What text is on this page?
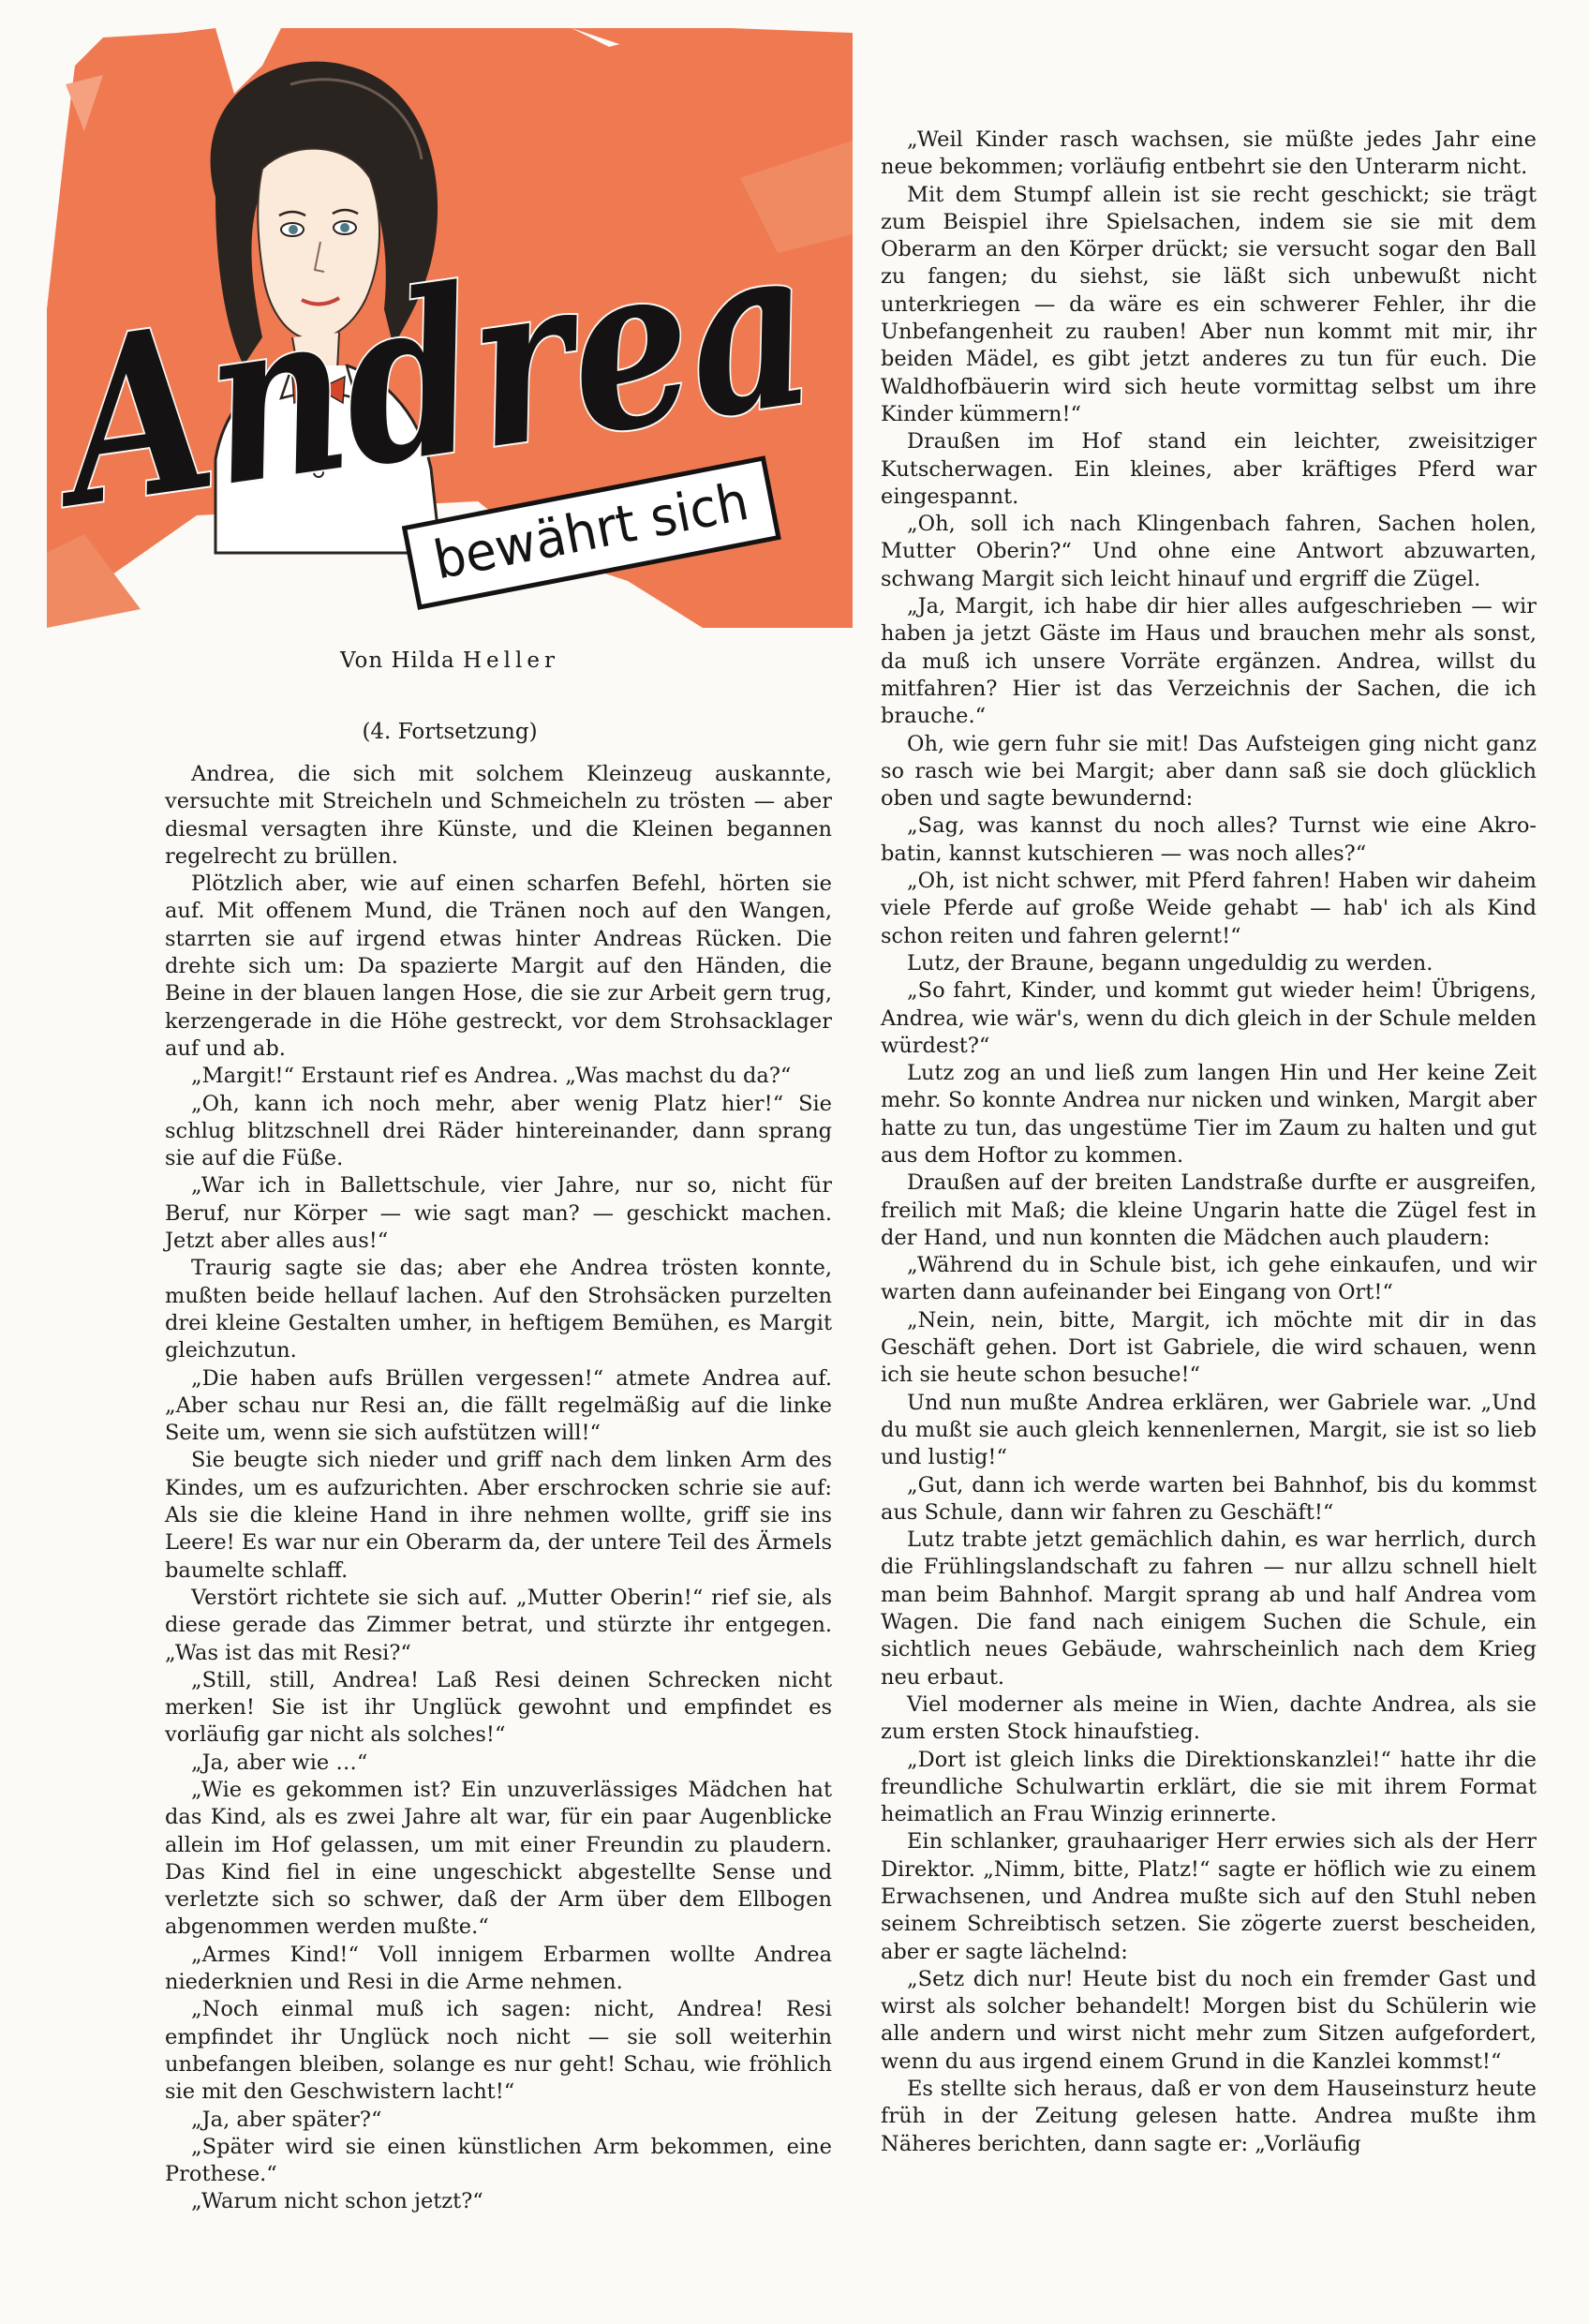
Andrea
bewährt sich
Von Hilda Heller
(4. Fortsetzung)

Andrea, die sich mit solchem Kleinzeug auskannte, versuchte mit Streicheln und Schmeicheln zu trösten — aber diesmal versagten ihre Künste, und die Kleinen begannen regelrecht zu brüllen.

Plötzlich aber, wie auf einen scharfen Befehl, hörten sie auf. Mit offenem Mund, die Tränen noch auf den Wangen, starrten sie auf irgend etwas hinter Andreas Rücken. Die drehte sich um: Da spazierte Margit auf den Händen, die Beine in der blauen langen Hose, die sie zur Arbeit gern trug, kerzengerade in die Höhe gestreckt, vor dem Strohsacklager auf und ab.

„Margit!“ Erstaunt rief es Andrea. „Was machst du da?“

„Oh, kann ich noch mehr, aber wenig Platz hier!“ Sie schlug blitzschnell drei Räder hintereinander, dann sprang sie auf die Füße.

„War ich in Ballettschule, vier Jahre, nur so, nicht für Beruf, nur Körper — wie sagt man? — geschickt machen. Jetzt aber alles aus!“

Traurig sagte sie das; aber ehe Andrea trösten konnte, mußten beide hellauf lachen. Auf den Strohsäcken purzelten drei kleine Gestalten umher, in heftigem Bemühen, es Margit gleichzutun.

„Die haben aufs Brüllen vergessen!“ atmete Andrea auf. „Aber schau nur Resi an, die fällt regelmäßig auf die linke Seite um, wenn sie sich aufstützen will!“

Sie beugte sich nieder und griff nach dem linken Arm des Kindes, um es aufzurichten. Aber erschrocken schrie sie auf: Als sie die kleine Hand in ihre nehmen wollte, griff sie ins Leere! Es war nur ein Oberarm da, der untere Teil des Ärmels baumelte schlaff.

Verstört richtete sie sich auf. „Mutter Oberin!“ rief sie, als diese gerade das Zimmer betrat, und stürzte ihr entgegen. „Was ist das mit Resi?“

„Still, still, Andrea! Laß Resi deinen Schrecken nicht merken! Sie ist ihr Unglück gewohnt und empfindet es vorläufig gar nicht als solches!“

„Ja, aber wie …“

„Wie es gekommen ist? Ein unzuverlässiges Mädchen hat das Kind, als es zwei Jahre alt war, für ein paar Augenblicke allein im Hof gelassen, um mit einer Freundin zu plaudern. Das Kind fiel in eine ungeschickt abgestellte Sense und verletzte sich so schwer, daß der Arm über dem Ellbogen abgenommen werden mußte.“

„Armes Kind!“ Voll innigem Erbarmen wollte Andrea niederknien und Resi in die Arme nehmen.

„Noch einmal muß ich sagen: nicht, Andrea! Resi empfindet ihr Unglück noch nicht — sie soll weiterhin unbefangen bleiben, solange es nur geht! Schau, wie fröhlich sie mit den Geschwistern lacht!“

„Ja, aber später?“

„Später wird sie einen künstlichen Arm bekommen, eine Prothese.“

„Warum nicht schon jetzt?“

„Weil Kinder rasch wachsen, sie müßte jedes Jahr eine neue bekommen; vorläufig entbehrt sie den Unterarm nicht.

Mit dem Stumpf allein ist sie recht geschickt; sie trägt zum Beispiel ihre Spielsachen, indem sie sie mit dem Oberarm an den Körper drückt; sie versucht sogar den Ball zu fangen; du siehst, sie läßt sich unbewußt nicht unterkriegen — da wäre es ein schwerer Fehler, ihr die Unbefangenheit zu rauben! Aber nun kommt mit mir, ihr beiden Mädel, es gibt jetzt anderes zu tun für euch. Die Waldhofbäuerin wird sich heute vormittag selbst um ihre Kinder kümmern!“

Draußen im Hof stand ein leichter, zweisitziger Kutscherwagen. Ein kleines, aber kräftiges Pferd war eingespannt.

„Oh, soll ich nach Klingenbach fahren, Sachen holen, Mutter Oberin?“ Und ohne eine Antwort abzuwarten, schwang Margit sich leicht hinauf und ergriff die Zügel.

„Ja, Margit, ich habe dir hier alles aufgeschrieben — wir haben ja jetzt Gäste im Haus und brauchen mehr als sonst, da muß ich unsere Vorräte ergänzen. Andrea, willst du mitfahren? Hier ist das Verzeichnis der Sachen, die ich brauche.“

Oh, wie gern fuhr sie mit! Das Aufsteigen ging nicht ganz so rasch wie bei Margit; aber dann saß sie doch glücklich oben und sagte bewundernd:

„Sag, was kannst du noch alles? Turnst wie eine Akrobatin, kannst kutschieren — was noch alles?“

„Oh, ist nicht schwer, mit Pferd fahren! Haben wir daheim viele Pferde auf große Weide gehabt — hab' ich als Kind schon reiten und fahren gelernt!“

Lutz, der Braune, begann ungeduldig zu werden.

„So fahrt, Kinder, und kommt gut wieder heim! Übrigens, Andrea, wie wär's, wenn du dich gleich in der Schule melden würdest?“

Lutz zog an und ließ zum langen Hin und Her keine Zeit mehr. So konnte Andrea nur nicken und winken, Margit aber hatte zu tun, das ungestüme Tier im Zaum zu halten und gut aus dem Hoftor zu kommen.

Draußen auf der breiten Landstraße durfte er ausgreifen, freilich mit Maß; die kleine Ungarin hatte die Zügel fest in der Hand, und nun konnten die Mädchen auch plaudern:

„Während du in Schule bist, ich gehe einkaufen, und wir warten dann aufeinander bei Eingang von Ort!“

„Nein, nein, bitte, Margit, ich möchte mit dir in das Geschäft gehen. Dort ist Gabriele, die wird schauen, wenn ich sie heute schon besuche!“

Und nun mußte Andrea erklären, wer Gabriele war. „Und du mußt sie auch gleich kennenlernen, Margit, sie ist so lieb und lustig!“

„Gut, dann ich werde warten bei Bahnhof, bis du kommst aus Schule, dann wir fahren zu Geschäft!“

Lutz trabte jetzt gemächlich dahin, es war herrlich, durch die Frühlingslandschaft zu fahren — nur allzu schnell hielt man beim Bahnhof. Margit sprang ab und half Andrea vom Wagen. Die fand nach einigem Suchen die Schule, ein sichtlich neues Gebäude, wahrscheinlich nach dem Krieg neu erbaut.

Viel moderner als meine in Wien, dachte Andrea, als sie zum ersten Stock hinaufstieg.

„Dort ist gleich links die Direktionskanzlei!“ hatte ihr die freundliche Schulwartin erklärt, die sie mit ihrem Format heimatlich an Frau Winzig erinnerte.

Ein schlanker, grauhaariger Herr erwies sich als der Herr Direktor. „Nimm, bitte, Platz!“ sagte er höflich wie zu einem Erwachsenen, und Andrea mußte sich auf den Stuhl neben seinem Schreibtisch setzen. Sie zögerte zuerst bescheiden, aber er sagte lächelnd:

„Setz dich nur! Heute bist du noch ein fremder Gast und wirst als solcher behandelt! Morgen bist du Schülerin wie alle andern und wirst nicht mehr zum Sitzen aufgefordert, wenn du aus irgend einem Grund in die Kanzlei kommst!“

Es stellte sich heraus, daß er von dem Hauseinsturz heute früh in der Zeitung gelesen hatte. Andrea mußte ihm Näheres berichten, dann sagte er: „Vorläufig
